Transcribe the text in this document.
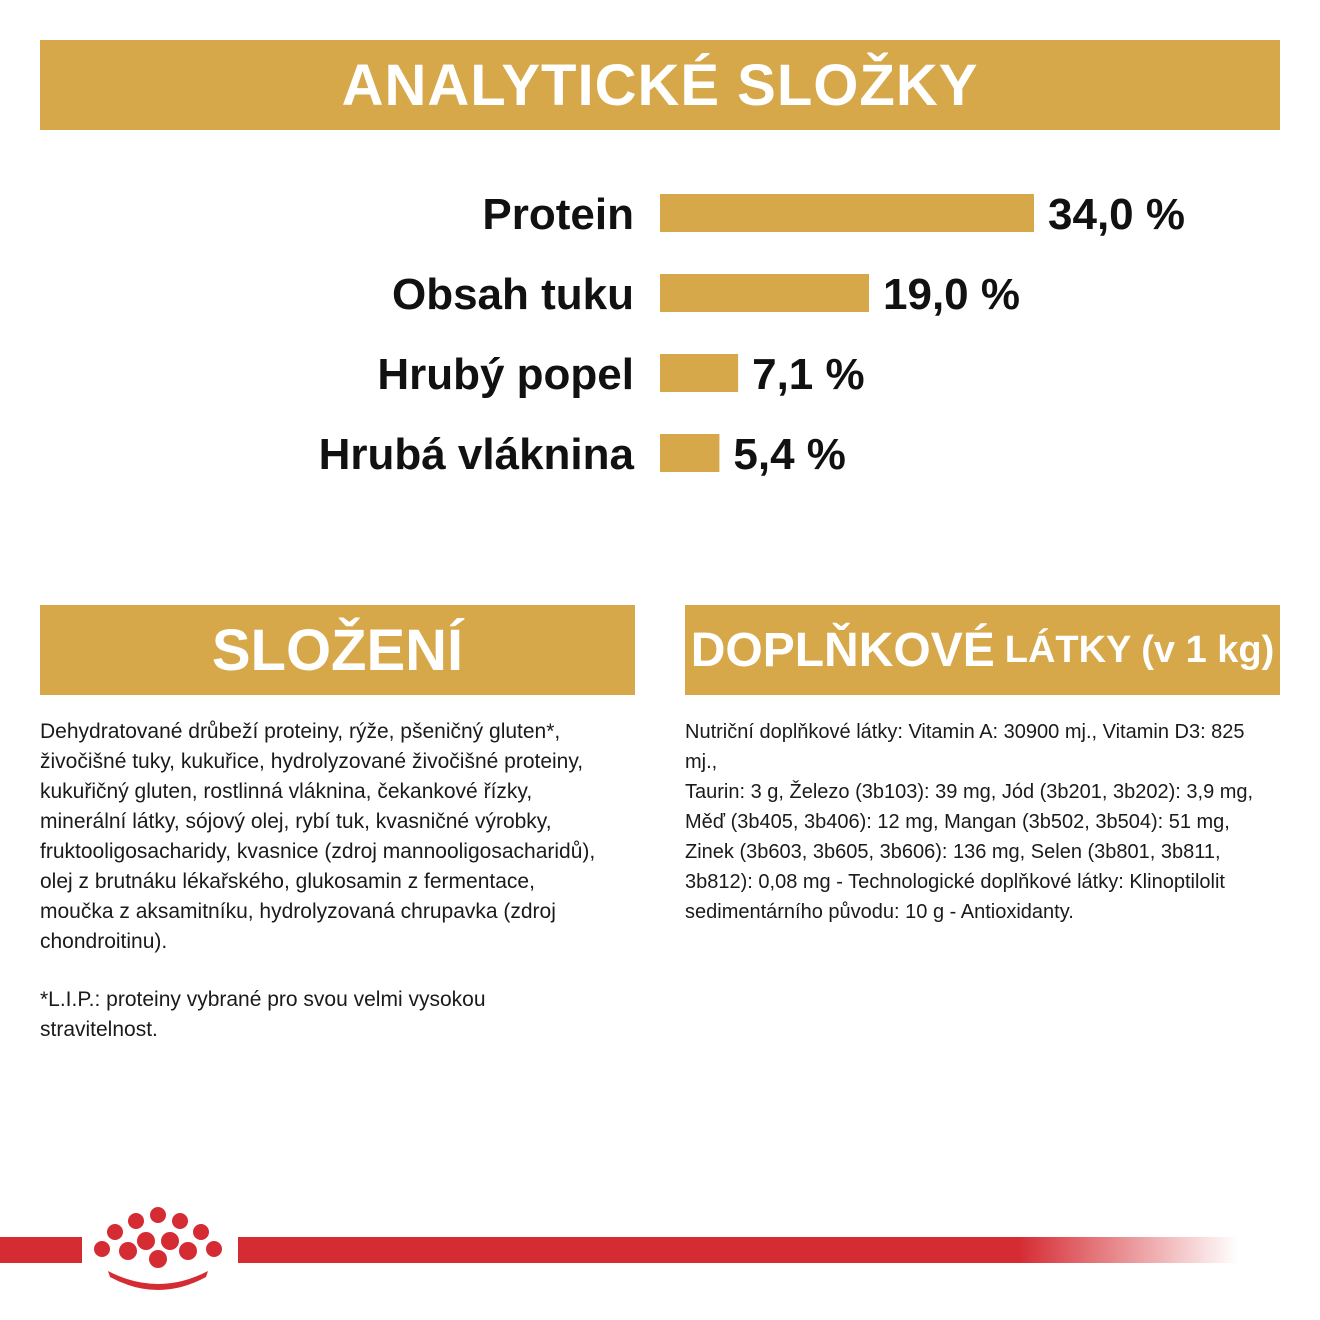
ANALYTICKÉ SLOŽKY
Protein	34,0 %
Obsah tuku	19,0 %
Hrubý popel	7,1 %
Hrubá vláknina 5,4 %
SLOŽENÍ	DOPLŇKOVÉ LÁTKY (v 1 kg)
Dehydratované drůbeží proteiny, rýže, pšeničný gluten*,
živočišné tuky, kukuřice, hydrolyzované živočišné proteiny,
kukuřičný gluten, rostlinná vláknina, čekankové řízky,
minerální látky, sójový olej, rybí tuk, kvasničné výrobky,
fruktooligosacharidy, kvasnice (zdroj mannooligosacharidů),
olej z brutnáku lékařského, glukosamin z fermentace,
moučka z aksamitníku, hydrolyzovaná chrupavka (zdroj
chondroitinu).
*L.I.P.: proteiny vybrané pro svou velmi vysokou
stravitelnost.
Nutriční doplňkové látky: Vitamin A: 30900 mj., Vitamin D3: 825 mj.,
Taurin: 3 g, Železo (3b103): 39 mg, Jód (3b201, 3b202): 3,9 mg,
Měď (3b405, 3b406): 12 mg, Mangan (3b502, 3b504): 51 mg,
Zinek (3b603, 3b605, 3b606): 136 mg, Selen (3b801, 3b811,
3b812): 0,08 mg - Technologické doplňkové látky: Klinoptilolit
sedimentárního původu: 10 g - Antioxidanty.
